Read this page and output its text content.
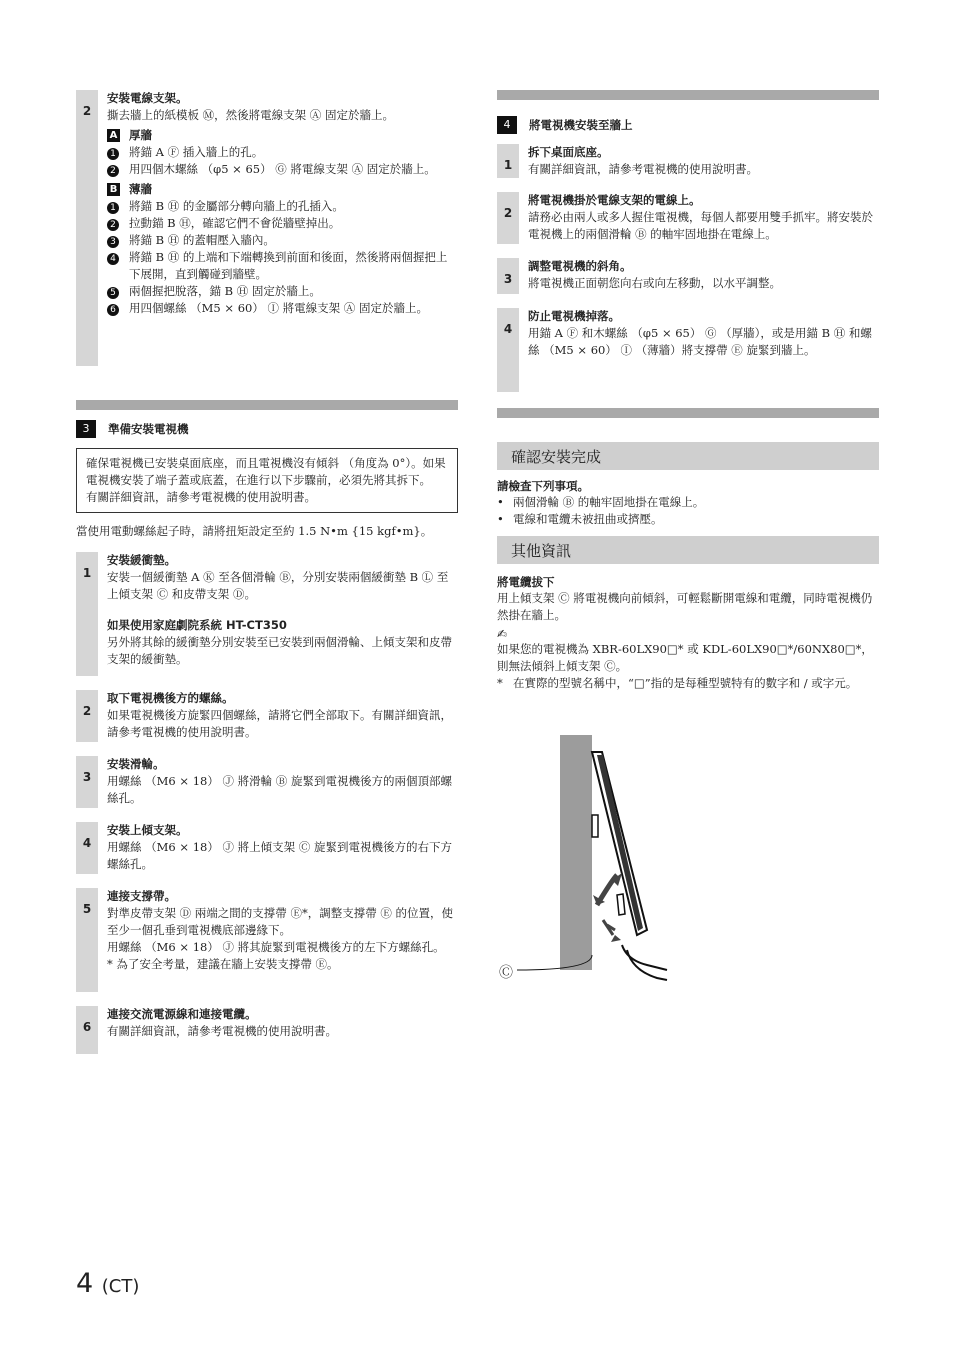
2
安裝電線支架。
撕去牆上的紙模板 Ⓜ，然後將電線支架 Ⓐ 固定於牆上。
A 厚牆
1	將錨 A Ⓕ 插入牆上的孔。
2	用四個木螺絲 （φ5 × 65） Ⓖ 將電線支架 Ⓐ 固定於牆上。
B 薄牆
1	將錨 B Ⓗ 的金屬部分轉向牆上的孔插入。
2	拉動錨 B Ⓗ，確認它們不會從牆壁掉出。
3	將錨 B Ⓗ 的蓋帽壓入牆內。
4	將錨 B Ⓗ 的上端和下端轉換到前面和後面，然後將兩個握把上下展開，直到觸碰到牆壁。
5	兩個握把脫落，錨 B Ⓗ 固定於牆上。
6	用四個螺絲 （M5 × 60） Ⓘ 將電線支架 Ⓐ 固定於牆上。
3	準備安裝電視機
確保電視機已安裝桌面底座，而且電視機沒有傾斜 （角度為 0°）。如果電視機安裝了端子蓋或底蓋，在進行以下步驟前，必須先將其拆下。
有關詳細資訊，請參考電視機的使用說明書。
當使用電動螺絲起子時，請將扭矩設定至約 1.5 N•m {15 kgf•m}。
1
安裝緩衝墊。
安裝一個緩衝墊 A Ⓚ 至各個滑輪 Ⓑ，分別安裝兩個緩衝墊 B Ⓛ 至上傾支架 Ⓒ 和皮帶支架 Ⓓ。
如果使用家庭劇院系統 HT-CT350
另外將其餘的緩衝墊分別安裝至已安裝到兩個滑輪、上傾支架和皮帶支架的緩衝墊。
2
取下電視機後方的螺絲。
如果電視機後方旋緊四個螺絲，請將它們全部取下。有關詳細資訊，請參考電視機的使用說明書。
3
安裝滑輪。
用螺絲 （M6 × 18） Ⓙ 將滑輪 Ⓑ 旋緊到電視機後方的兩個頂部螺絲孔。
4
安裝上傾支架。
用螺絲 （M6 × 18） Ⓙ 將上傾支架 Ⓒ 旋緊到電視機後方的右下方螺絲孔。
5
連接支撐帶。
對準皮帶支架 Ⓓ 兩端之間的支撐帶 Ⓔ*，調整支撐帶 Ⓔ 的位置，使至少一個孔垂到電視機底部邊緣下。
用螺絲 （M6 × 18） Ⓙ 將其旋緊到電視機後方的左下方螺絲孔。
* 為了安全考量，建議在牆上安裝支撐帶 Ⓔ。
6
連接交流電源線和連接電纜。
有關詳細資訊，請參考電視機的使用說明書。
4	將電視機安裝至牆上
1
拆下桌面底座。
有關詳細資訊，請參考電視機的使用說明書。
2
將電視機掛於電線支架的電線上。
請務必由兩人或多人握住電視機，每個人都要用雙手抓牢。將安裝於電視機上的兩個滑輪 Ⓑ 的軸牢固地掛在電線上。
3
調整電視機的斜角。
將電視機正面朝您向右或向左移動，以水平調整。
4
防止電視機掉落。
用錨 A Ⓕ 和木螺絲 （φ5 × 65） Ⓖ （厚牆），或是用錨 B Ⓗ 和螺絲 （M5 × 60） Ⓘ （薄牆）將支撐帶 Ⓔ 旋緊到牆上。
確認安裝完成
請檢查下列事項。
• 兩個滑輪 Ⓑ 的軸牢固地掛在電線上。
• 電線和電纜未被扭曲或擠壓。
其他資訊
將電纜拔下
用上傾支架 Ⓒ 將電視機向前傾斜，可輕鬆斷開電線和電纜，同時電視機仍然掛在牆上。
✍
如果您的電視機為 XBR-60LX90□* 或 KDL-60LX90□*/60NX80□*，則無法傾斜上傾支架 Ⓒ。
* 在實際的型號名稱中，“□”指的是每種型號特有的數字和 / 或字元。
Ⓒ
4 (CT)
